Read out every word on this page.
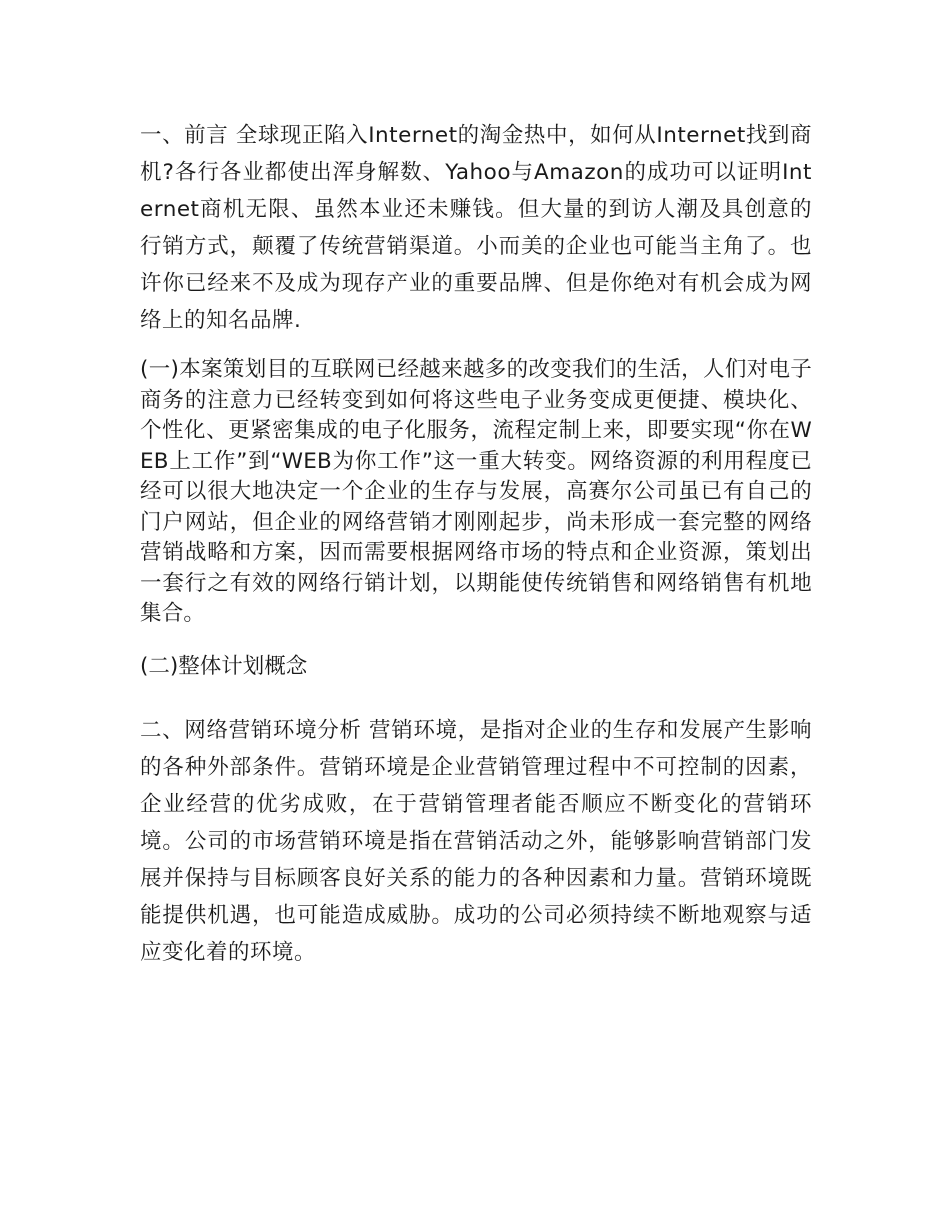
一、前言 全球现正陷入Internet的淘金热中，如何从Internet找到商机?各行各业都使出浑身解数、Yahoo与Amazon的成功可以证明Internet商机无限、虽然本业还未赚钱。但大量的到访人潮及具创意的行销方式，颠覆了传统营销渠道。小而美的企业也可能当主角了。也许你已经来不及成为现存产业的重要品牌、但是你绝对有机会成为网络上的知名品牌.

(一)本案策划目的互联网已经越来越多的改变我们的生活，人们对电子商务的注意力已经转变到如何将这些电子业务变成更便捷、模块化、个性化、更紧密集成的电子化服务，流程定制上来，即要实现“你在WEB上工作”到“WEB为你工作”这一重大转变。网络资源的利用程度已经可以很大地决定一个企业的生存与发展，高赛尔公司虽已有自己的门户网站，但企业的网络营销才刚刚起步，尚未形成一套完整的网络营销战略和方案，因而需要根据网络市场的特点和企业资源，策划出一套行之有效的网络行销计划，以期能使传统销售和网络销售有机地集合。

(二)整体计划概念

二、网络营销环境分析 营销环境，是指对企业的生存和发展产生影响的各种外部条件。营销环境是企业营销管理过程中不可控制的因素，企业经营的优劣成败，在于营销管理者能否顺应不断变化的营销环境。公司的市场营销环境是指在营销活动之外，能够影响营销部门发展并保持与目标顾客良好关系的能力的各种因素和力量。营销环境既能提供机遇，也可能造成威胁。成功的公司必须持续不断地观察与适应变化着的环境。
